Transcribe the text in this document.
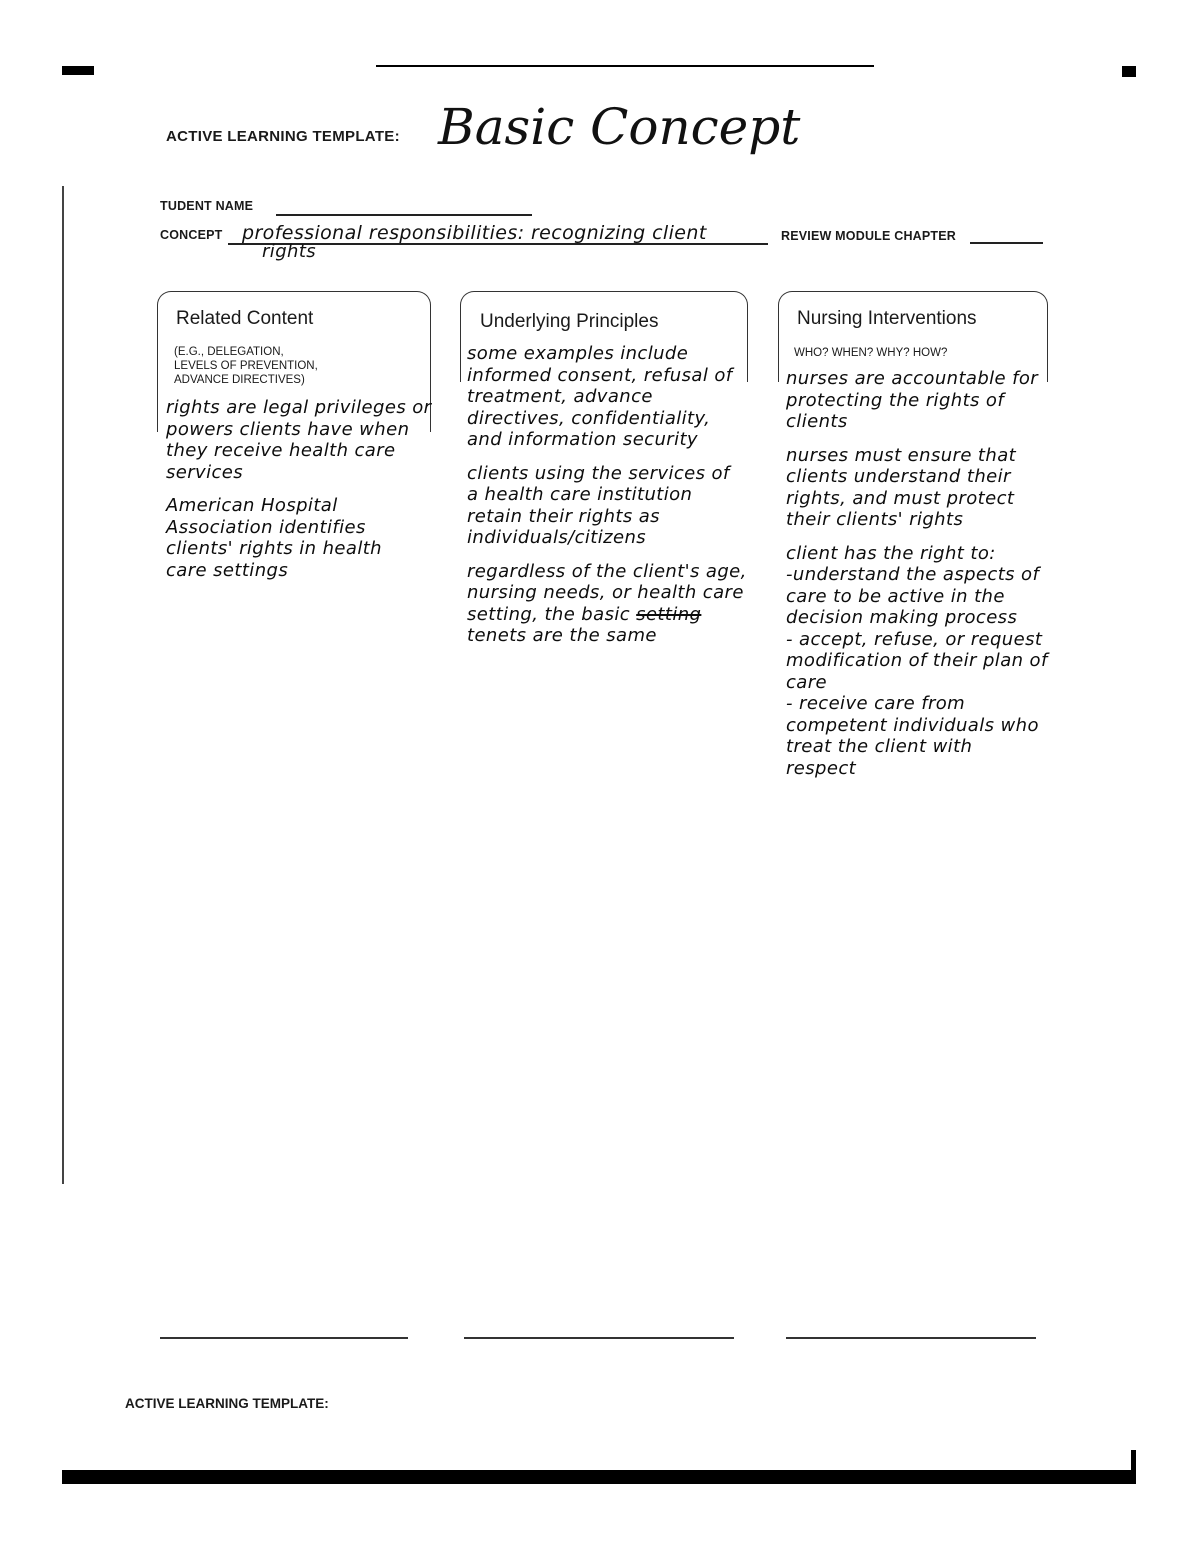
ACTIVE LEARNING TEMPLATE: Basic Concept
TUDENT NAME
CONCEPT professional responsibilities: recognizing client
rights
REVIEW MODULE CHAPTER
Related Content
(E.G., DELEGATION,
LEVELS OF PREVENTION,
ADVANCE DIRECTIVES)

rights are legal privileges or powers clients have when they receive health care services

American Hospital Association identifies clients' rights in health care settings

Underlying Principles

some examples include informed consent, refusal of treatment, advance directives, confidentiality, and information security

clients using the services of a health care institution retain their rights as individuals/citizens

regardless of the client's age, nursing needs, or health care setting, the basic setting tenets are the same

Nursing Interventions
WHO? WHEN? WHY? HOW?

nurses are accountable for protecting the rights of clients

nurses must ensure that clients understand their rights, and must protect their clients' rights

client has the right to:
-understand the aspects of care to be active in the decision making process
- accept, refuse, or request modification of their plan of care
- receive care from competent individuals who treat the client with respect
ACTIVE LEARNING TEMPLATE:
